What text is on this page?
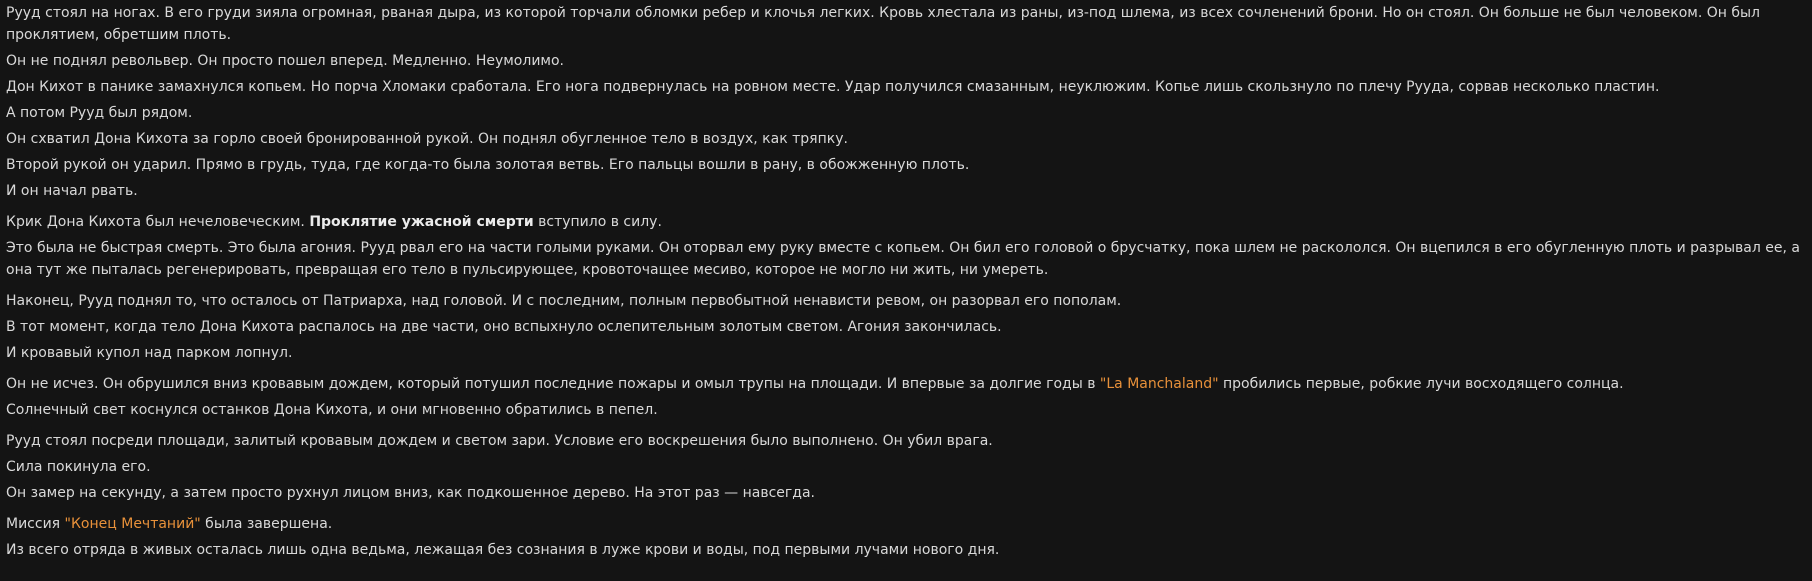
Рууд стоял на ногах. В его груди зияла огромная, рваная дыра, из которой торчали обломки ребер и клочья легких. Кровь хлестала из раны, из-под шлема, из всех сочленений брони. Но он стоял. Он больше не был человеком. Он был проклятием, обретшим плоть.

Он не поднял револьвер. Он просто пошел вперед. Медленно. Неумолимо.

Дон Кихот в панике замахнулся копьем. Но порча Хломаки сработала. Его нога подвернулась на ровном месте. Удар получился смазанным, неуклюжим. Копье лишь скользнуло по плечу Рууда, сорвав несколько пластин.

А потом Рууд был рядом.

Он схватил Дона Кихота за горло своей бронированной рукой. Он поднял обугленное тело в воздух, как тряпку.

Второй рукой он ударил. Прямо в грудь, туда, где когда-то была золотая ветвь. Его пальцы вошли в рану, в обожженную плоть.

И он начал рвать.

Крик Дона Кихота был нечеловеческим. Проклятие ужасной смерти вступило в силу.

Это была не быстрая смерть. Это была агония. Рууд рвал его на части голыми руками. Он оторвал ему руку вместе с копьем. Он бил его головой о брусчатку, пока шлем не раскололся. Он вцепился в его обугленную плоть и разрывал ее, а она тут же пыталась регенерировать, превращая его тело в пульсирующее, кровоточащее месиво, которое не могло ни жить, ни умереть.

Наконец, Рууд поднял то, что осталось от Патриарха, над головой. И с последним, полным первобытной ненависти ревом, он разорвал его пополам.

В тот момент, когда тело Дона Кихота распалось на две части, оно вспыхнуло ослепительным золотым светом. Агония закончилась.

И кровавый купол над парком лопнул.

Он не исчез. Он обрушился вниз кровавым дождем, который потушил последние пожары и омыл трупы на площади. И впервые за долгие годы в "La Manchaland" пробились первые, робкие лучи восходящего солнца.

Солнечный свет коснулся останков Дона Кихота, и они мгновенно обратились в пепел.

Рууд стоял посреди площади, залитый кровавым дождем и светом зари. Условие его воскрешения было выполнено. Он убил врага.

Сила покинула его.

Он замер на секунду, а затем просто рухнул лицом вниз, как подкошенное дерево. На этот раз — навсегда.

Миссия "Конец Мечтаний" была завершена.

Из всего отряда в живых осталась лишь одна ведьма, лежащая без сознания в луже крови и воды, под первыми лучами нового дня.
